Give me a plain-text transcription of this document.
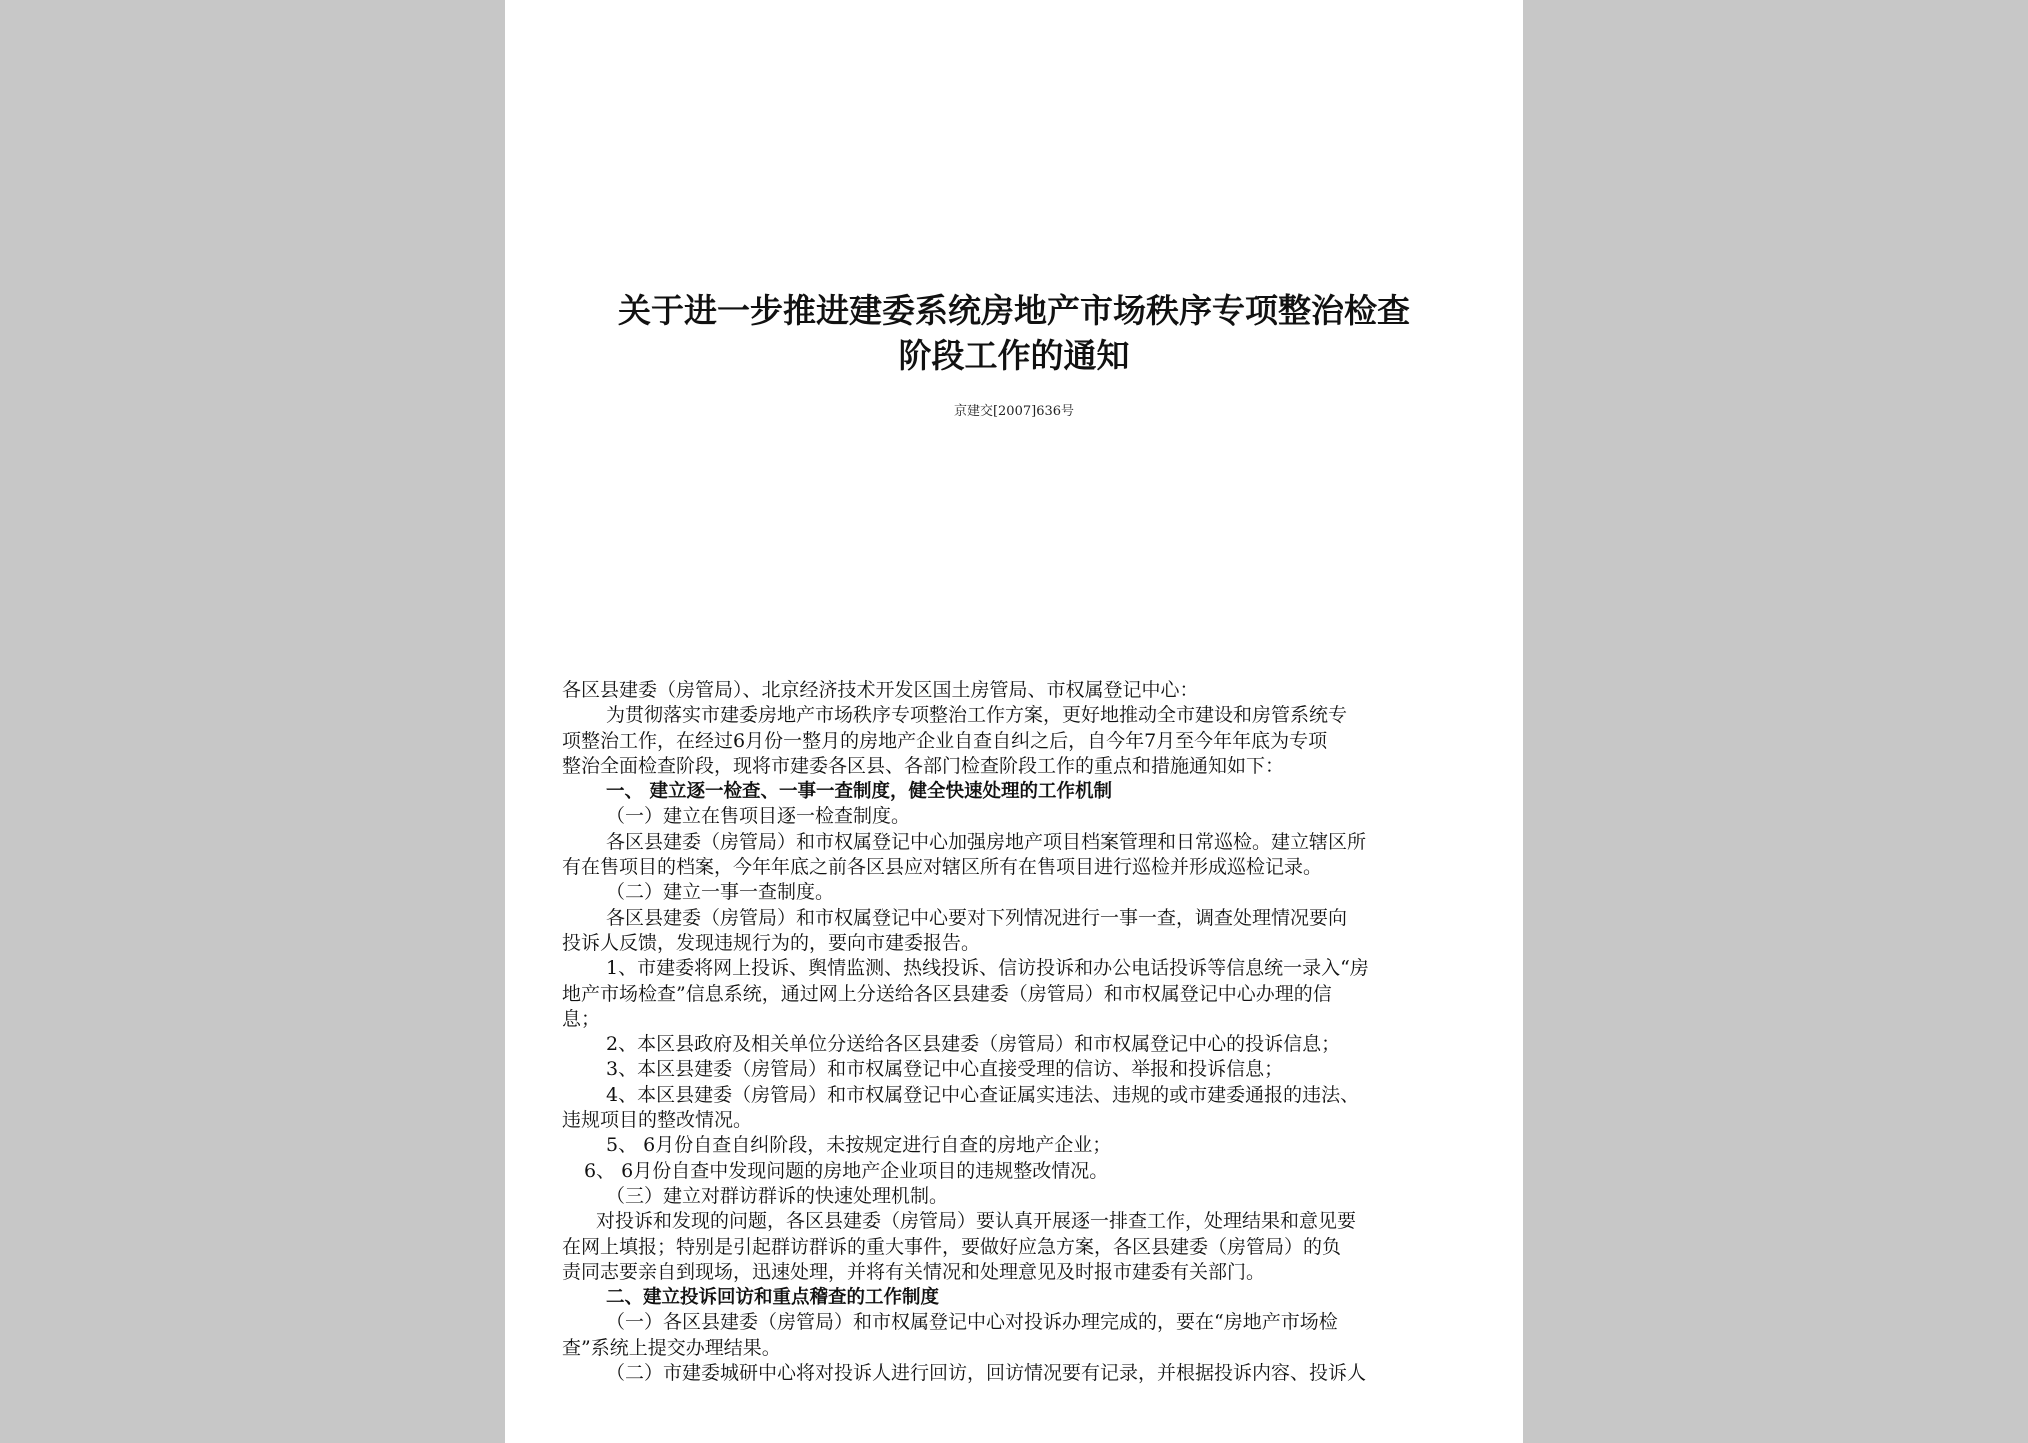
关于进一步推进建委系统房地产市场秩序专项整治检查
阶段工作的通知
京建交[2007]636号
各区县建委（房管局）、北京经济技术开发区国土房管局、市权属登记中心：
为贯彻落实市建委房地产市场秩序专项整治工作方案，更好地推动全市建设和房管系统专
项整治工作，在经过6月份一整月的房地产企业自查自纠之后，自今年7月至今年年底为专项
整治全面检查阶段，现将市建委各区县、各部门检查阶段工作的重点和措施通知如下：
一、 建立逐一检查、一事一查制度，健全快速处理的工作机制
（一）建立在售项目逐一检查制度。
各区县建委（房管局）和市权属登记中心加强房地产项目档案管理和日常巡检。建立辖区所
有在售项目的档案，今年年底之前各区县应对辖区所有在售项目进行巡检并形成巡检记录。
（二）建立一事一查制度。
各区县建委（房管局）和市权属登记中心要对下列情况进行一事一查，调查处理情况要向
投诉人反馈，发现违规行为的，要向市建委报告。
1、市建委将网上投诉、舆情监测、热线投诉、信访投诉和办公电话投诉等信息统一录入“房
地产市场检查”信息系统，通过网上分送给各区县建委（房管局）和市权属登记中心办理的信
息；
2、本区县政府及相关单位分送给各区县建委（房管局）和市权属登记中心的投诉信息；
3、本区县建委（房管局）和市权属登记中心直接受理的信访、举报和投诉信息；
4、本区县建委（房管局）和市权属登记中心查证属实违法、违规的或市建委通报的违法、
违规项目的整改情况。
5、 6月份自查自纠阶段，未按规定进行自查的房地产企业；
6、 6月份自查中发现问题的房地产企业项目的违规整改情况。
（三）建立对群访群诉的快速处理机制。
对投诉和发现的问题，各区县建委（房管局）要认真开展逐一排查工作，处理结果和意见要
在网上填报；特别是引起群访群诉的重大事件，要做好应急方案，各区县建委（房管局）的负
责同志要亲自到现场，迅速处理，并将有关情况和处理意见及时报市建委有关部门。
二、建立投诉回访和重点稽查的工作制度
（一）各区县建委（房管局）和市权属登记中心对投诉办理完成的，要在“房地产市场检
查”系统上提交办理结果。
（二）市建委城研中心将对投诉人进行回访，回访情况要有记录，并根据投诉内容、投诉人
